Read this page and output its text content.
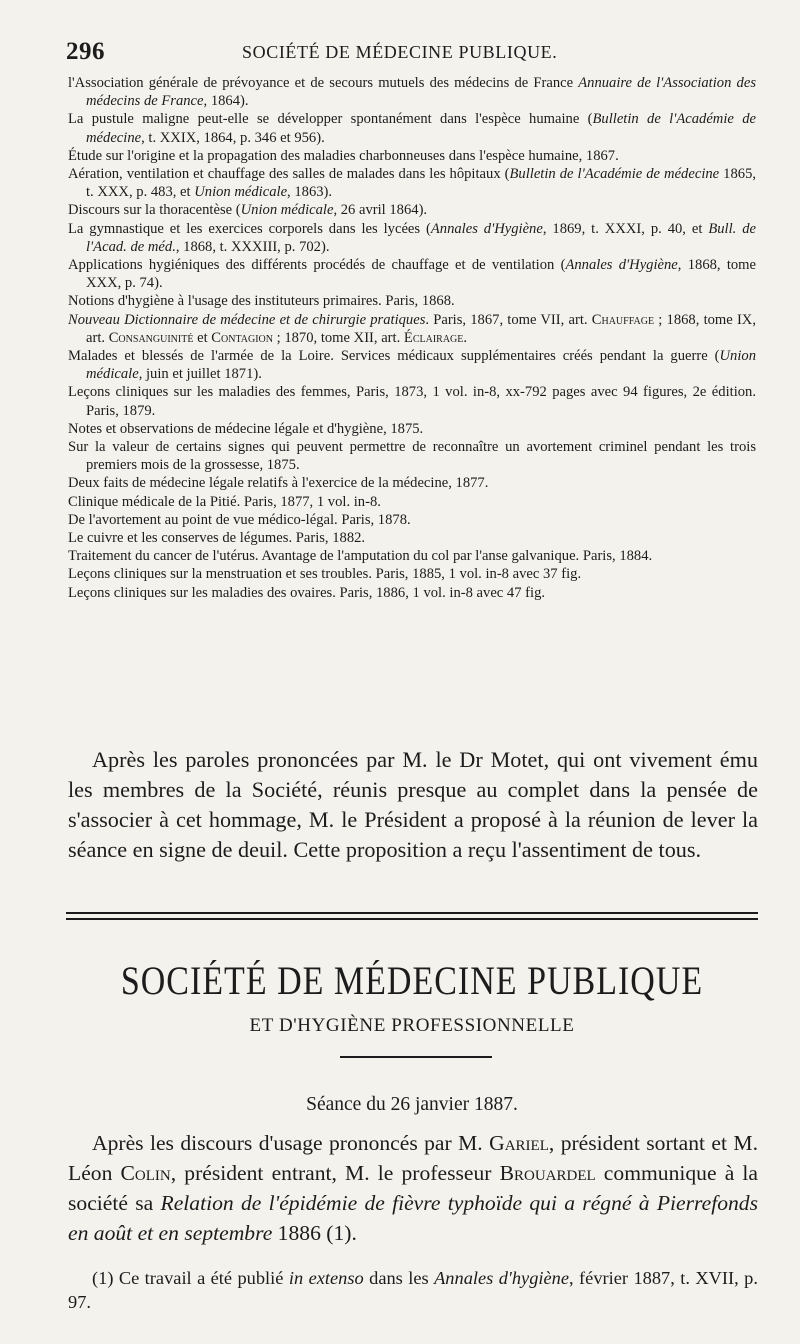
296	SOCIÉTÉ DE MÉDECINE PUBLIQUE.

l'Association générale de prévoyance et de secours mutuels des médecins de France Annuaire de l'Association des médecins de France, 1864).

La pustule maligne peut-elle se développer spontanément dans l'espèce humaine (Bulletin de l'Académie de médecine, t. XXIX, 1864, p. 346 et 956).

Étude sur l'origine et la propagation des maladies charbonneuses dans l'espèce humaine, 1867.

Aération, ventilation et chauffage des salles de malades dans les hôpitaux (Bulletin de l'Académie de médecine 1865, t. XXX, p. 483, et Union médicale, 1863).

Discours sur la thoracentèse (Union médicale, 26 avril 1864).

La gymnastique et les exercices corporels dans les lycées (Annales d'Hygiène, 1869, t. XXXI, p. 40, et Bull. de l'Acad. de méd., 1868, t. XXXIII, p. 702).

Applications hygiéniques des différents procédés de chauffage et de ventilation (Annales d'Hygiène, 1868, tome XXX, p. 74).

Notions d'hygiène à l'usage des instituteurs primaires. Paris, 1868.

Nouveau Dictionnaire de médecine et de chirurgie pratiques. Paris, 1867, tome VII, art. Chauffage ; 1868, tome IX, art. Consanguinité et Contagion ; 1870, tome XII, art. Éclairage.

Malades et blessés de l'armée de la Loire. Services médicaux supplémentaires créés pendant la guerre (Union médicale, juin et juillet 1871).

Leçons cliniques sur les maladies des femmes, Paris, 1873, 1 vol. in-8, xx-792 pages avec 94 figures, 2e édition. Paris, 1879.

Notes et observations de médecine légale et d'hygiène, 1875.

Sur la valeur de certains signes qui peuvent permettre de reconnaître un avortement criminel pendant les trois premiers mois de la grossesse, 1875.

Deux faits de médecine légale relatifs à l'exercice de la médecine, 1877.

Clinique médicale de la Pitié. Paris, 1877, 1 vol. in-8.

De l'avortement au point de vue médico-légal. Paris, 1878.

Le cuivre et les conserves de légumes. Paris, 1882.

Traitement du cancer de l'utérus. Avantage de l'amputation du col par l'anse galvanique. Paris, 1884.

Leçons cliniques sur la menstruation et ses troubles. Paris, 1885, 1 vol. in-8 avec 37 fig.

Leçons cliniques sur les maladies des ovaires. Paris, 1886, 1 vol. in-8 avec 47 fig.

Après les paroles prononcées par M. le Dr Motet, qui ont vivement ému les membres de la Société, réunis presque au complet dans la pensée de s'associer à cet hommage, M. le Président a proposé à la réunion de lever la séance en signe de deuil. Cette proposition a reçu l'assentiment de tous.

SOCIÉTÉ DE MÉDECINE PUBLIQUE
ET D'HYGIÈNE PROFESSIONNELLE
Séance du 26 janvier 1887.

Après les discours d'usage prononcés par M. Gariel, président sortant et M. Léon Colin, président entrant, M. le professeur Brouardel communique à la société sa Relation de l'épidémie de fièvre typhoïde qui a régné à Pierrefonds en août et en septembre 1886 (1).

(1) Ce travail a été publié in extenso dans les Annales d'hygiène, février 1887, t. XVII, p. 97.
